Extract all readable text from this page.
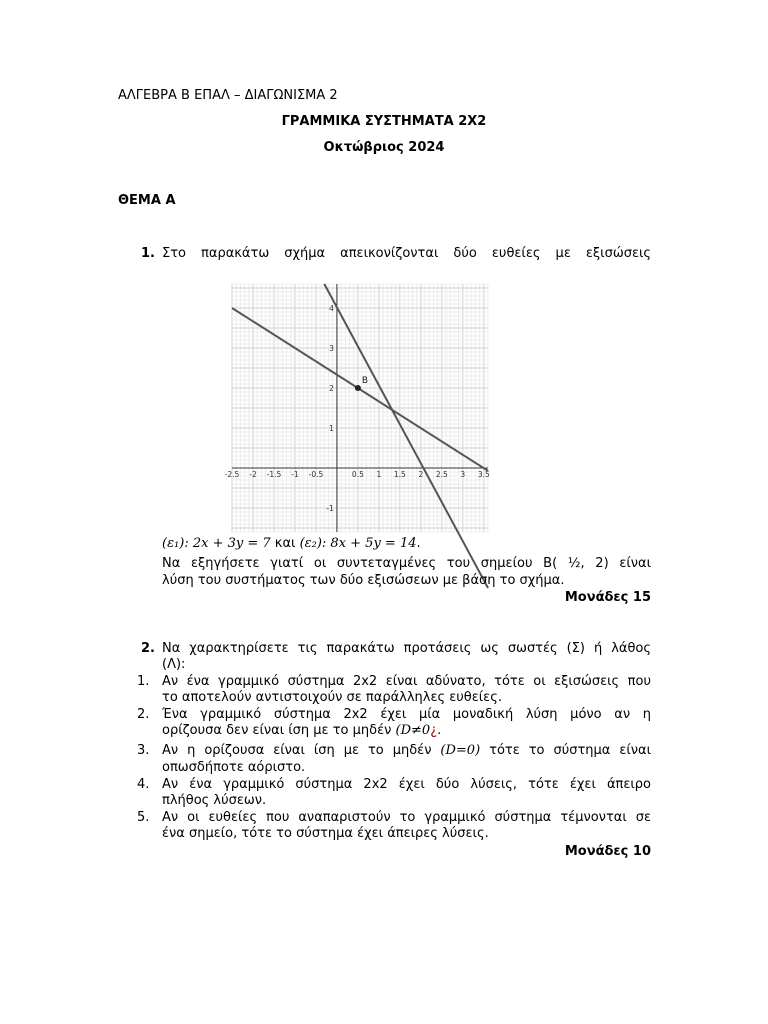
ΑΛΓΕΒΡΑ Β ΕΠΑΛ – ΔΙΑΓΩΝΙΣΜΑ 2
ΓΡΑΜΜΙΚΑ ΣΥΣΤΗΜΑΤΑ 2Χ2
Οκτώβριος 2024
ΘΕΜΑ Α
1. Στο παρακάτω σχήμα απεικονίζονται δύο ευθείες με εξισώσεις
-2.5 -2 -1.5 -1 -0.5	0.5 1 1.5 2 2.5 3 3.5
-1
1
2
3
4
B
(ε₁): 2x + 3y = 7 και (ε₂): 8x + 5y = 14.
Να εξηγήσετε γιατί οι συντεταγμένες του σημείου Β( ½, 2) είναι
λύση του συστήματος των δύο εξισώσεων με βάση το σχήμα.
Μονάδες 15
2. Να χαρακτηρίσετε τις παρακάτω προτάσεις ως σωστές (Σ) ή λάθος
(Λ):
1. Αν ένα γραμμικό σύστημα 2x2 είναι αδύνατο, τότε οι εξισώσεις που
το αποτελούν αντιστοιχούν σε παράλληλες ευθείες.
2. Ένα γραμμικό σύστημα 2x2 έχει μία μοναδική λύση μόνο αν η
ορίζουσα δεν είναι ίση με το μηδέν (D≠0¿.
3. Αν η ορίζουσα είναι ίση με το μηδέν (D=0) τότε το σύστημα είναι
οπωσδήποτε αόριστο.
4. Αν ένα γραμμικό σύστημα 2x2 έχει δύο λύσεις, τότε έχει άπειρο
πλήθος λύσεων.
5. Αν οι ευθείες που αναπαριστούν το γραμμικό σύστημα τέμνονται σε
ένα σημείο, τότε το σύστημα έχει άπειρες λύσεις.
Μονάδες 10
